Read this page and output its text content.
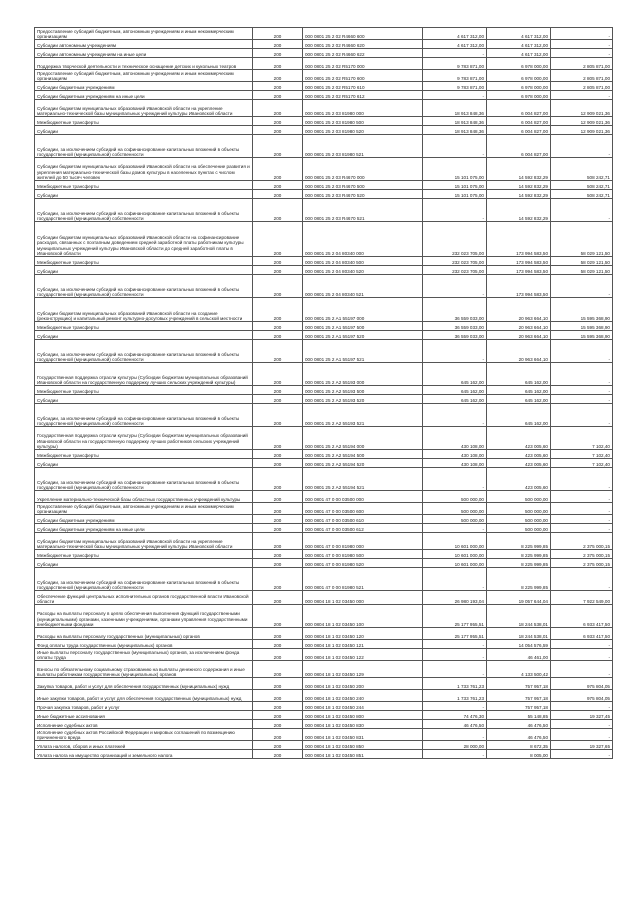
Предоставление субсидий бюджетным, автономным учреждениям и иным некоммерческим организациям	200	000 0801 25 2 02 R4660 600	4 617 312,00	4 617 312,00	-
Субсидии автономным учреждениям	200	000 0801 25 2 02 R4660 620	4 617 312,00	4 617 312,00	-
Субсидии автономным учреждениям на иные цели	200	000 0801 25 2 02 R4660 622	-	4 617 312,00	-
Поддержка творческой деятельности и техническое оснащение детских и кукольных театров	200	000 0801 25 2 02 R5170 000	9 783 871,00	6 978 000,00	2 805 871,00
Предоставление субсидий бюджетным, автономным учреждениям и иным некоммерческим организациям	200	000 0801 25 2 02 R5170 600	9 783 871,00	6 978 000,00	2 805 871,00
Субсидии бюджетным учреждениям	200	000 0801 25 2 02 R5170 610	9 783 871,00	6 978 000,00	2 805 871,00
Субсидии бюджетным учреждениям на иные цели	200	000 0801 25 2 02 R5170 612	-	6 978 000,00	-
Субсидии бюджетам муниципальных образований Ивановской области на укрепление материально-технической базы муниципальных учреждений культуры Ивановской области	200	000 0801 25 2 03 81980 000	18 913 848,36	6 004 827,00	12 909 021,36
Межбюджетные трансферты	200	000 0801 25 2 03 81980 500	18 913 848,36	6 004 827,00	12 909 021,36
Субсидии	200	000 0801 25 2 03 81980 520	18 913 848,36	6 004 827,00	12 909 021,36
Субсидии, за исключением субсидий на софинансирование капитальных вложений в объекты государственной (муниципальной) собственности	200	000 0801 25 2 03 81980 521	-	6 004 827,00	-
Субсидии бюджетам муниципальных образований Ивановской области на обеспечение развития и укрепления материально-технической базы домов культуры в населенных пунктах с числом жителей до 50 тысяч человек	200	000 0801 25 2 03 R4670 000	15 101 075,00	14 592 832,29	508 242,71
Межбюджетные трансферты	200	000 0801 25 2 03 R4670 500	15 101 075,00	14 592 832,29	508 242,71
Субсидии	200	000 0801 25 2 03 R4670 520	15 101 075,00	14 592 832,29	508 242,71
Субсидии, за исключением субсидий на софинансирование капитальных вложений в объекты государственной (муниципальной) собственности	200	000 0801 25 2 03 R4670 521	-	14 592 832,29	-
Субсидии бюджетам муниципальных образований Ивановской области на софинансирование расходов, связанных с поэтапным доведением средней заработной платы работникам культуры муниципальных учреждений культуры Ивановской области до средней заработной платы в Ивановской области	200	000 0801 25 2 04 80340 000	232 023 705,00	173 994 583,50	58 029 121,50
Межбюджетные трансферты	200	000 0801 25 2 04 80340 500	232 023 705,00	173 994 583,50	58 029 121,50
Субсидии	200	000 0801 25 2 04 80340 520	232 023 705,00	173 994 583,50	58 029 121,50
Субсидии, за исключением субсидий на софинансирование капитальных вложений в объекты государственной (муниципальной) собственности	200	000 0801 25 2 04 80340 521	-	173 994 583,50	-
Субсидии бюджетам муниципальных образований Ивановской области на создание (реконструкцию) и капитальный ремонт культурно-досуговых учреждений в сельской местности	200	000 0801 25 2 А1 55197 000	36 559 033,00	20 963 664,10	15 595 368,90
Межбюджетные трансферты	200	000 0801 25 2 А1 55197 500	36 559 033,00	20 963 664,10	15 595 368,90
Субсидии	200	000 0801 25 2 А1 55197 520	36 559 033,00	20 963 664,10	15 595 368,90
Субсидии, за исключением субсидий на софинансирование капитальных вложений в объекты государственной (муниципальной) собственности	200	000 0801 25 2 А1 55197 521	-	20 963 664,10	-
Государственная поддержка отрасли культуры (Субсидии бюджетам муниципальных образований Ивановской области на государственную поддержку лучших сельских учреждений культуры)	200	000 0801 25 2 А2 55193 000	645 162,00	645 162,00	-
Межбюджетные трансферты	200	000 0801 25 2 А2 55193 500	645 162,00	645 162,00	-
Субсидии	200	000 0801 25 2 А2 55193 520	645 162,00	645 162,00	-
Субсидии, за исключением субсидий на софинансирование капитальных вложений в объекты государственной (муниципальной) собственности	200	000 0801 25 2 А2 55193 521	-	645 162,00	-
Государственная поддержка отрасли культуры (Субсидии бюджетам муниципальных образований Ивановской области на государственную поддержку лучших работников сельских учреждений культуры)	200	000 0801 25 2 А2 55194 000	430 108,00	423 005,60	7 102,40
Межбюджетные трансферты	200	000 0801 25 2 А2 55194 500	430 108,00	423 005,60	7 102,40
Субсидии	200	000 0801 25 2 А2 55194 520	430 108,00	423 005,60	7 102,40
Субсидии, за исключением субсидий на софинансирование капитальных вложений в объекты государственной (муниципальной) собственности	200	000 0801 25 2 А2 55194 521	-	423 005,60	-
Укрепление материально-технической базы областных государственных учреждений культуры	200	000 0801 47 0 00 03500 000	500 000,00	500 000,00	-
Предоставление субсидий бюджетным, автономным учреждениям и иным некоммерческим организациям	200	000 0801 47 0 00 03500 600	500 000,00	500 000,00	-
Субсидии бюджетным учреждениям	200	000 0801 47 0 00 03500 610	500 000,00	500 000,00	-
Субсидии бюджетным учреждениям на иные цели	200	000 0801 47 0 00 03500 612	-	500 000,00	-
Субсидии бюджетам муниципальных образований Ивановской области на укрепление материально-технической базы муниципальных учреждений культуры Ивановской области	200	000 0801 47 0 00 81980 000	10 601 000,00	8 225 999,85	2 375 000,15
Межбюджетные трансферты	200	000 0801 47 0 00 81980 500	10 601 000,00	8 225 999,85	2 375 000,15
Субсидии	200	000 0801 47 0 00 81980 520	10 601 000,00	8 225 999,85	2 375 000,15
Субсидии, за исключением субсидий на софинансирование капитальных вложений в объекты государственной (муниципальной) собственности	200	000 0801 47 0 00 81980 521	-	8 225 999,85	-
Обеспечение функций центральных исполнительных органов государственной власти Ивановской области	200	000 0804 18 1 02 03450 000	26 980 193,04	19 057 644,04	7 922 549,00
Расходы на выплаты персоналу в целях обеспечения выполнения функций государственными (муниципальными) органами, казенными учреждениями, органами управления государственными внебюджетными фондами	200	000 0804 18 1 02 03450 100	25 177 955,51	18 244 538,01	6 933 417,50
Расходы на выплаты персоналу государственных (муниципальных) органов	200	000 0804 18 1 02 03450 120	25 177 955,51	18 244 538,01	6 933 417,50
Фонд оплаты труда государственных (муниципальных) органов	200	000 0804 18 1 02 03450 121	-	14 054 576,59	-
Иные выплаты персоналу государственных (муниципальных) органов, за исключением фонда оплаты труда	200	000 0804 18 1 02 03450 122	-	46 461,00	-
Взносы по обязательному социальному страхованию на выплаты денежного содержания и иные выплаты работникам государственных (муниципальных) органов	200	000 0804 18 1 02 03450 129	-	4 133 500,42	-
Закупка товаров, работ и услуг для обеспечения государственных (муниципальных) нужд	200	000 0804 18 1 02 03450 200	1 733 761,23	757 957,18	975 804,05
Иные закупки товаров, работ и услуг для обеспечения государственных (муниципальных) нужд	200	000 0804 18 1 02 03450 240	1 733 761,23	757 957,18	975 804,05
Прочая закупка товаров, работ и услуг	200	000 0804 18 1 02 03450 244	-	757 957,18	-
Иные бюджетные ассигнования	200	000 0804 18 1 02 03450 800	74 476,30	55 148,85	19 327,45
Исполнение судебных актов	200	000 0804 18 1 02 03450 830	46 476,50	46 476,50	-
Исполнение судебных актов Российской Федерации и мировых соглашений по возмещению причиненного вреда	200	000 0804 18 1 02 03450 831	-	46 476,50	-
Уплата налогов, сборов и иных платежей	200	000 0804 18 1 02 03450 850	28 000,00	8 672,35	19 327,65
Уплата налога на имущество организаций и земельного налога	200	000 0804 18 1 02 03450 851	-	8 005,00	-
